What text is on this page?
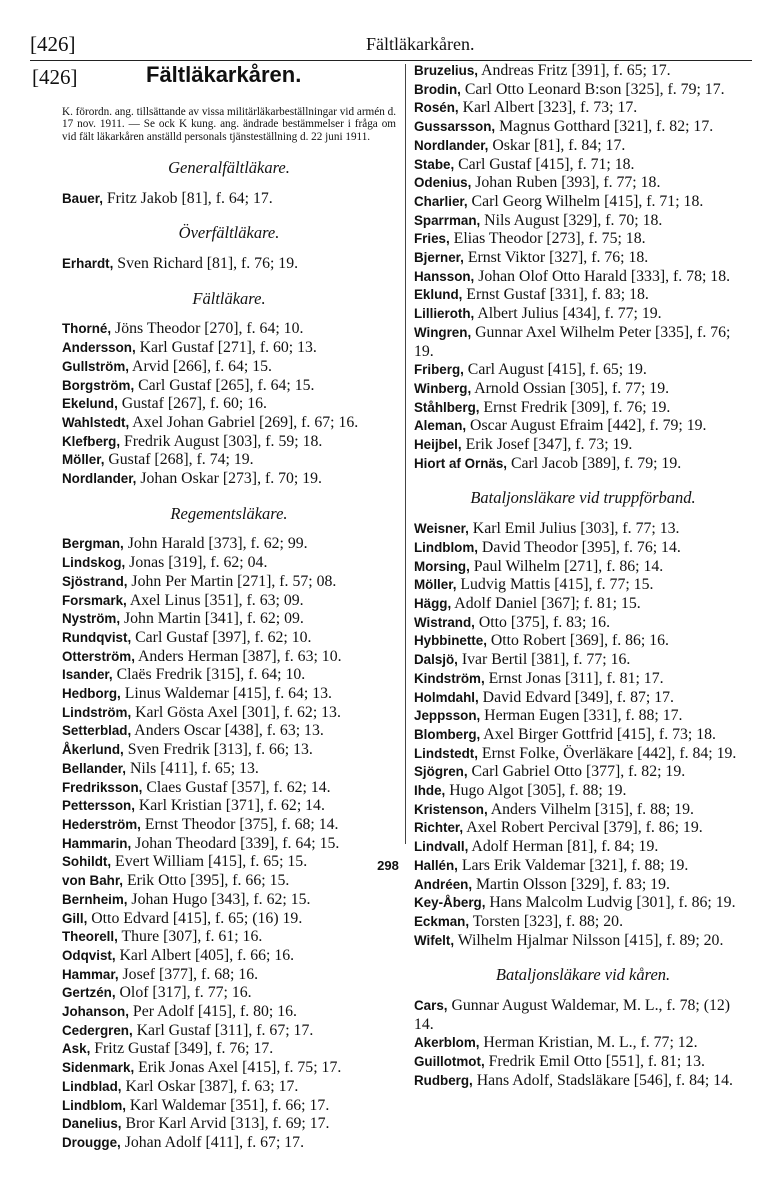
[426]	Fältläkarkåren.
[426]	Fältläkarkåren.

K. förordn. ang. tillsättande av vissa militärläkarbeställningar vid armén d. 17 nov. 1911. — Se ock K kung. ang. ändrade bestämmelser i fråga om vid fält läkarkåren anställd personals tjänsteställning d. 22 juni 1911.

Generalfältläkare.
Bauer, Fritz Jakob [81], f. 64; 17.
Överfältläkare.
Erhardt, Sven Richard [81], f. 76; 19.
Fältläkare.
Thorné, Jöns Theodor [270], f. 64; 10.
Andersson, Karl Gustaf [271], f. 60; 13.
Gullström, Arvid [266], f. 64; 15.
Borgström, Carl Gustaf [265], f. 64; 15.
Ekelund, Gustaf [267], f. 60; 16.
Wahlstedt, Axel Johan Gabriel [269], f. 67; 16.
Klefberg, Fredrik August [303], f. 59; 18.
Möller, Gustaf [268], f. 74; 19.
Nordlander, Johan Oskar [273], f. 70; 19.
Regementsläkare.
Bergman, John Harald [373], f. 62; 99.
Lindskog, Jonas [319], f. 62; 04.
Sjöstrand, John Per Martin [271], f. 57; 08.
Forsmark, Axel Linus [351], f. 63; 09.
Nyström, John Martin [341], f. 62; 09.
Rundqvist, Carl Gustaf [397], f. 62; 10.
Otterström, Anders Herman [387], f. 63; 10.
Isander, Claës Fredrik [315], f. 64; 10.
Hedborg, Linus Waldemar [415], f. 64; 13.
Lindström, Karl Gösta Axel [301], f. 62; 13.
Setterblad, Anders Oscar [438], f. 63; 13.
Åkerlund, Sven Fredrik [313], f. 66; 13.
Bellander, Nils [411], f. 65; 13.
Fredriksson, Claes Gustaf [357], f. 62; 14.
Pettersson, Karl Kristian [371], f. 62; 14.
Hederström, Ernst Theodor [375], f. 68; 14.
Hammarin, Johan Theodard [339], f. 64; 15.
Sohildt, Evert William [415], f. 65; 15.
von Bahr, Erik Otto [395], f. 66; 15.
Bernheim, Johan Hugo [343], f. 62; 15.
Gill, Otto Edvard [415], f. 65; (16) 19.
Theorell, Thure [307], f. 61; 16.
Odqvist, Karl Albert [405], f. 66; 16.
Hammar, Josef [377], f. 68; 16.
Gertzén, Olof [317], f. 77; 16.
Johanson, Per Adolf [415], f. 80; 16.
Cedergren, Karl Gustaf [311], f. 67; 17.
Ask, Fritz Gustaf [349], f. 76; 17.
Sidenmark, Erik Jonas Axel [415], f. 75; 17.
Lindblad, Karl Oskar [387], f. 63; 17.
Lindblom, Karl Waldemar [351], f. 66; 17.
Danelius, Bror Karl Arvid [313], f. 69; 17.
Drougge, Johan Adolf [411], f. 67; 17.
Bruzelius, Andreas Fritz [391], f. 65; 17.
Brodin, Carl Otto Leonard B:son [325], f. 79; 17.
Rosén, Karl Albert [323], f. 73; 17.
Gussarsson, Magnus Gotthard [321], f. 82; 17.
Nordlander, Oskar [81], f. 84; 17.
Stabe, Carl Gustaf [415], f. 71; 18.
Odenius, Johan Ruben [393], f. 77; 18.
Charlier, Carl Georg Wilhelm [415], f. 71; 18.
Sparrman, Nils August [329], f. 70; 18.
Fries, Elias Theodor [273], f. 75; 18.
Bjerner, Ernst Viktor [327], f. 76; 18.
Hansson, Johan Olof Otto Harald [333], f. 78; 18.
Eklund, Ernst Gustaf [331], f. 83; 18.
Lillieroth, Albert Julius [434], f. 77; 19.
Wingren, Gunnar Axel Wilhelm Peter [335], f. 76; 19.
Friberg, Carl August [415], f. 65; 19.
Winberg, Arnold Ossian [305], f. 77; 19.
Ståhlberg, Ernst Fredrik [309], f. 76; 19.
Aleman, Oscar August Efraim [442], f. 79; 19.
Heijbel, Erik Josef [347], f. 73; 19.
Hiort af Ornäs, Carl Jacob [389], f. 79; 19.
Bataljonsläkare vid truppförband.
Weisner, Karl Emil Julius [303], f. 77; 13.
Lindblom, David Theodor [395], f. 76; 14.
Morsing, Paul Wilhelm [271], f. 86; 14.
Möller, Ludvig Mattis [415], f. 77; 15.
Hägg, Adolf Daniel [367]; f. 81; 15.
Wistrand, Otto [375], f. 83; 16.
Hybbinette, Otto Robert [369], f. 86; 16.
Dalsjö, Ivar Bertil [381], f. 77; 16.
Kindström, Ernst Jonas [311], f. 81; 17.
Holmdahl, David Edvard [349], f. 87; 17.
Jeppsson, Herman Eugen [331], f. 88; 17.
Blomberg, Axel Birger Gottfrid [415], f. 73; 18.
Lindstedt, Ernst Folke, Överläkare [442], f. 84; 19.
Sjögren, Carl Gabriel Otto [377], f. 82; 19.
Ihde, Hugo Algot [305], f. 88; 19.
Kristenson, Anders Vilhelm [315], f. 88; 19.
Richter, Axel Robert Percival [379], f. 86; 19.
Lindvall, Adolf Herman [81], f. 84; 19.
Hallén, Lars Erik Valdemar [321], f. 88; 19.
Andréen, Martin Olsson [329], f. 83; 19.
Key-Åberg, Hans Malcolm Ludvig [301], f. 86; 19.
Eckman, Torsten [323], f. 88; 20.
Wifelt, Wilhelm Hjalmar Nilsson [415], f. 89; 20.
Bataljonsläkare vid kåren.
Cars, Gunnar August Waldemar, M. L., f. 78; (12) 14.
Akerblom, Herman Kristian, M. L., f. 77; 12.
Guillotmot, Fredrik Emil Otto [551], f. 81; 13.
Rudberg, Hans Adolf, Stadsläkare [546], f. 84; 14.
298
